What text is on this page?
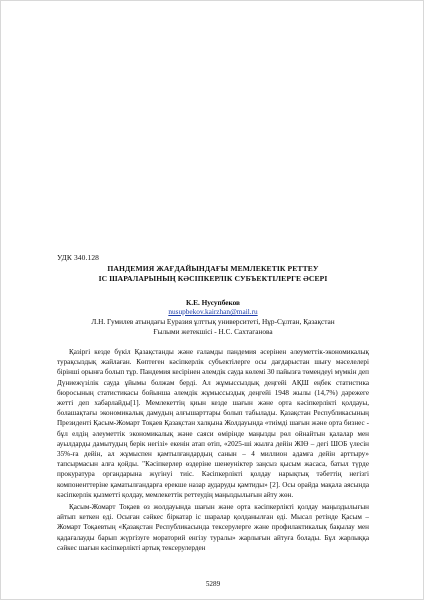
УДК 340.128
ПАНДЕМИЯ ЖАҒДАЙЫНДАҒЫ МЕМЛЕКЕТІК РЕТТЕУ
ІС ШАРАЛАРЫНЫҢ КӘСІПКЕРЛІК СУБЪЕКТІЛЕРГЕ ӘСЕРІ
К.Е. Нусупбеков
nusupbekov.kairzhan@mail.ru
Л.Н. Гумилев атындағы Еуразия ұлттық университеті, Нұр-Сұлтан, Қазақстан
Ғылыми жетекшісі - Н.С. Сахтаганова

Қазіргі кезде бүкіл Қазақстанды және ғаламды пандемия әсерінен әлеуметтік-экономикалық турақсыздық жайлаған. Көптеген кәсіпкерлік субъектілерге осы дағдарыстан шығу мәселелері бірінші орынға болып тұр. Пандемия кесірінен әлемдік сауда көлемі 30 пайызға төмендеуі мүмкін деп Дүниежүзілік сауда ұйымы болжам берді. Ал жұмыссыздық деңгейі АҚШ еңбек статистика бюросының статистикасы бойынша әлемдік жұмыссыздық деңгейі 1948 жылы (14,7%) дәрежеге жетті деп хабарлайды[1]. Мемлекеттің қиын кезде шағын және орта кәсіпкерлікті қолдауы, болашақтағы экономикалық дамудың алғышарттары болып табылады. Қазақстан Республикасының Президенті Қасым-Жомарт Тоқаев Қазақстан халқына Жолдауында «тиімді шағын және орта бизнес - бұл елдің әлеуметтік экономикалық және саяси өмірінде маңызды рөл ойнайтын қалалар мен ауылдарды дамытудың берік негізі» екенін атап өтіп, «2025-ші жылға дейін ЖІӨ – дегі ШОБ үлесін 35%-ға дейін, ал жұмыспен қамтылғандардың санын – 4 миллион адамға дейін арттыру» тапсырмасын алға қойды. "Кәсіпкерлер өздеріне шенеуніктер заңсыз қысым жасаса, батыл түрде прокуратура органдарына жүгінуі тиіс. Кәсіпкерлікті қолдау нарықтық тәбеттің негізгі компоненттеріне қаматылғандарға ерекше назар аударуды қамтиды» [2]. Осы орайда мақала аясында кәсіпкерлік қызметті қолдау, мемлекеттік реттеудің маңыздылығын айту жөн.

Қасым-Жомарт Тоқаев өз жолдауында шағын және орта кәсіпкерлікті қолдау маңыздылығын айтып кеткен еді. Осыған сәйкес біркатар іс шаралар қолданылған еді. Мысал ретінде Қасым – Жомарт Тоқаевтың «Қазақстан Республикасында тексерулерге және профилактикалық бақылау мен қадағалауды барып жүргізуге мораторий енгізу туралы» жарлығын айтуға болады. Бұл жарлыққа сәйкес шағын кәсіпкерлікті артық тексерулерден

5289
